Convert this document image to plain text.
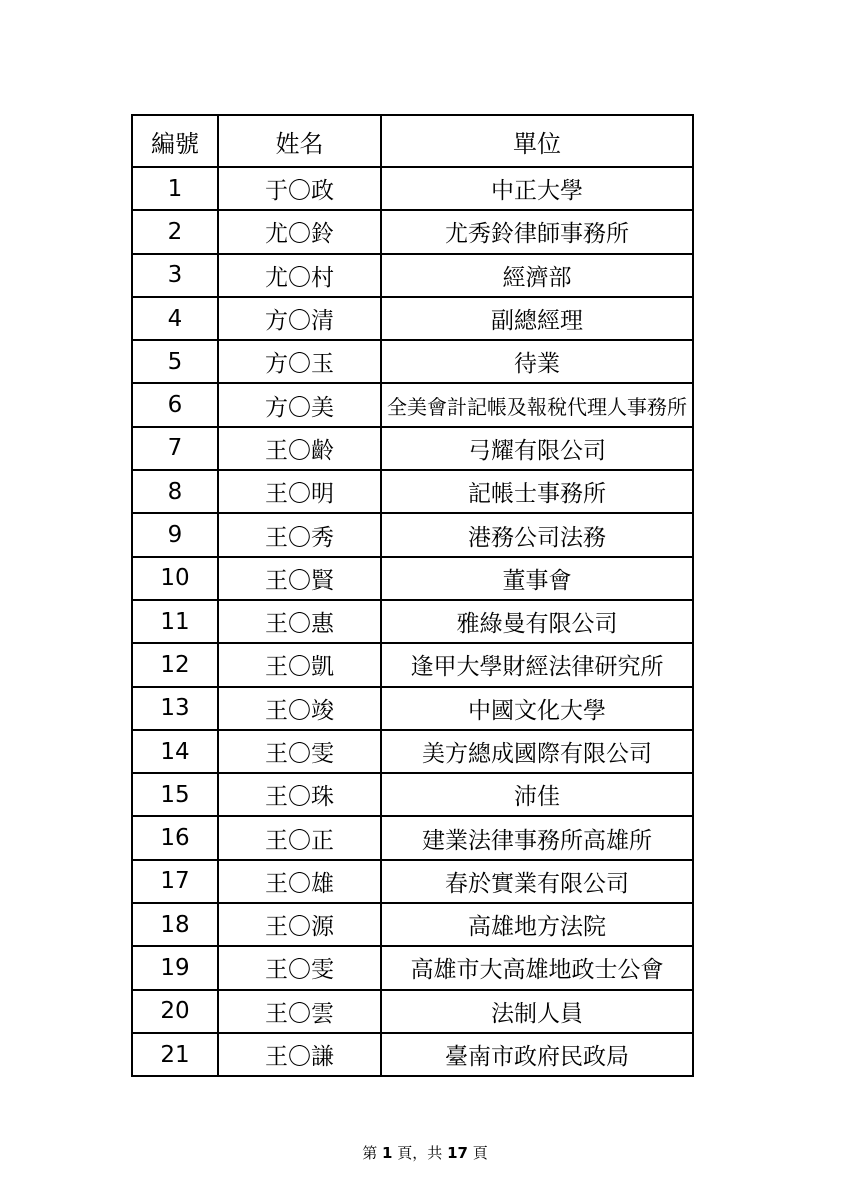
編號	姓名	單位
1	于〇政	中正大學
2	尤〇鈴	尤秀鈴律師事務所
3	尤〇村	經濟部
4	方〇清	副總經理
5	方〇玉	待業
6	方〇美	全美會計記帳及報稅代理人事務所
7	王〇齡	弓耀有限公司
8	王〇明	記帳士事務所
9	王〇秀	港務公司法務
10	王〇賢	董事會
11	王〇惠	雅綠曼有限公司
12	王〇凱	逢甲大學財經法律研究所
13	王〇竣	中國文化大學
14	王〇雯	美方總成國際有限公司
15	王〇珠	沛佳
16	王〇正	建業法律事務所高雄所
17	王〇雄	春於實業有限公司
18	王〇源	高雄地方法院
19	王〇雯	高雄市大高雄地政士公會
20	王〇雲	法制人員
21	王〇謙	臺南市政府民政局
第 1 頁，共 17 頁
